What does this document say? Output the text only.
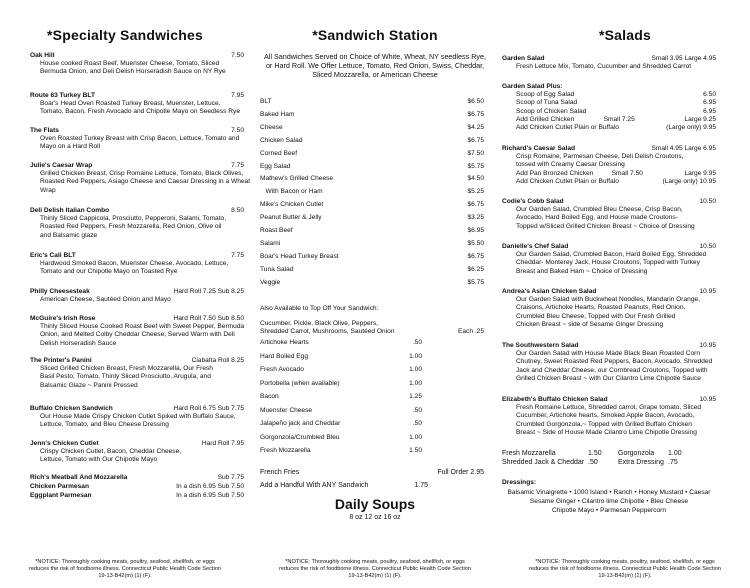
*Specialty Sandwiches
Oak Hill	7.50
House cooked Roast Beef, Muenster Cheese, Tomato, Sliced
Bermuda Onion, and Deli Delish Horseradish Sauce on NY Rye
Route 63 Turkey BLT	7.95
Boar's Head Oven Roasted Turkey Breast, Muenster, Lettuce,
Tomato, Bacon, Fresh Avocado and Chipotle Mayo on Seedless Rye
The Flats	7.50
Oven Roasted Turkey Breast with Crisp Bacon, Lettuce, Tomato and
Mayo on a Hard Roll
Julie's Caesar Wrap	7.75
Grilled Chicken Breast, Crisp Romaine Lettuce, Tomato, Black Olives,
Roasted Red Peppers, Asiago Cheese and Caesar Dressing in a Wheat
Wrap
Deli Delish Italian Combo	8.50
Thinly Sliced Cappicola, Prosciutto, Pepperoni, Salami, Tomato,
Roasted Red Peppers, Fresh Mozzarella, Red Onion, Olive oil
and Balsamic glaze
Eric's Cali BLT	7.75
Hardwood Smoked Bacon, Muenster Cheese, Avocado, Lettuce,
Tomato and our Chipotle Mayo on Toasted Rye
Philly Cheesesteak	Hard Roll 7.25 Sub 8.25
American Cheese, Sautéed Onion and Mayo
McGuire's Irish Rose	Hard Roll 7.50 Sub 8.50
Thinly Sliced House Cooked Roast Beef with Sweet Pepper, Bermuda
Onion, and Melted Colby Cheddar Cheese, Served Warm with Deli
Delish Horseradish Sauce
The Printer's Panini	Ciabatta Roll 8.25
Sliced Grilled Chicken Breast, Fresh Mozzarella, Our Fresh
Basil Pesto, Tomato, Thinly Sliced Prosciutto, Arugula, and
Balsamic Glaze ~ Panini Pressed
Buffalo Chicken Sandwich	Hard Roll 6.75 Sub 7.75
Our House Made Crispy Chicken Cutlet Spiked with Buffalo Sauce,
Lettuce, Tomato, and Bleu Cheese Dressing
Jenn's Chicken Cutlet	Hard Roll 7.95
Crispy Chicken Cutlet, Bacon, Cheddar Cheese,
Lettuce, Tomato with Our Chipotle Mayo
Rich's Meatball And Mozzarella	Sub 7.75
Chicken Parmesan	In a dish 6.95 Sub 7.50
Eggplant Parmesan	In a dish 6.95 Sub 7.50
*NOTICE: Thoroughly cooking meats, poultry, seafood, shellfish, or eggs
reduces the risk of foodborne illness. Connecticut Public Health Code Section
19-13-B42(m) (1) (F).
*Sandwich Station
All Sandwiches Served on Choice of White, Wheat, NY seedless Rye,
or Hard Roll. We Offer Lettuce, Tomato, Red Onion, Swiss, Cheddar,
Sliced Mozzarella, or American Cheese
BLT	$6.50
Baked Ham	$6.75
Cheese	$4.25
Chicken Salad	$6.75
Corned Beef	$7.50
Egg Salad	$5.75
Mathew's Grilled Cheese	$4.50
With Bacon or Ham	$5.25
Mike's Chicken Cutlet	$6.75
Peanut Butter & Jelly	$3.25
Roast Beef	$6.95
Salami	$5.50
Boar's Head Turkey Breast	$6.75
Tuna Salad	$6.25
Veggie	$5.75
Also Available to Top Off Your Sandwich:
Cucumber, Pickle, Black Olive, Peppers,
Shredded Carrot, Mushrooms, Sautéed Onion	Each .25
Artichoke Hearts	.50
Hard Boiled Egg	1.00
Fresh Avocado	1.00
Portobella (when available)	1.00
Bacon	1.25
Muenster Cheese	.50
Jalapeño jack and Cheddar	.50
Gorgonzola/Crumbled Bleu	1.00
Fresh Mozzarella	1.50
French Fries	Full Order 2.95
Add a Handful With ANY Sandwich	1.75
Daily Soups
8 oz 12 oz 16 oz
*NOTICE: Thoroughly cooking meats, poultry, seafood, shellfish, or eggs
reduces the risk of foodborne illness. Connecticut Public Health Code Section
19-13-B42(m) (1) (F).
*Salads
Garden Salad	Small 3.95 Large 4.95
Fresh Lettuce Mix, Tomato, Cucumber and Shredded Carrot
Garden Salad Plus:
Scoop of Egg Salad	6.50
Scoop of Tuna Salad	6.95
Scoop of Chicken Salad	6.95
Add Grilled Chicken                Small 7.25	Large 9.25
Add Chicken Cutlet Plain or Buffalo	(Large only) 9.95
Richard's Caesar Salad	Small 4.95 Large 6.95
Crisp Romaine, Parmesan Cheese, Deli Delish Croutons,
tossed with Creamy Caesar Dressing
Add Pan Bronzed Chicken          Small 7.50	Large 9.95
Add Chicken Cutlet Plain or Buffalo	(Large only) 10.95
Codie's Cobb Salad	10.50
Our Garden Salad, Crumbled Bleu Cheese, Crisp Bacon,
Avocado, Hard Boiled Egg, and House made Croutons-
Topped w/Sliced Grilled Chicken Breast ~ Choice of Dressing
Danielle's Chef Salad	10.50
Our Garden Salad, Crumbled Bacon, Hard Boiled Egg, Shredded
Cheddar- Monterey Jack, House Croutons, Topped with Turkey
Breast and Baked Ham ~ Choice of Dressing
Andrea's Asian Chicken Salad	10.95
Our Garden Salad with Buckwheat Noodles, Mandarin Orange,
Craisons, Artichoke Hearts, Roasted Peanuts, Red Onion,
Crumbled Bleu Cheese, Topped with Our Fresh Grilled
Chicken Breast ~ side of Sesame Ginger Dressing
The Southwestern Salad	10.95
Our Garden Salad with House Made Black Bean Roasted Corn
Chutney, Sweet Roasted Red Peppers, Bacon, Avocado, Shredded
Jack and Cheddar Cheese, our Cornbread Croutons, Topped with
Grilled Chicken Breast ~ with Our Cilantro Lime Chipotle Sauce
Elizabeth's Buffalo Chicken Salad	10.95
Fresh Romaine Lettuce, Shredded carrot, Grape tomato, Sliced
Cucumber, Artichoke hearts, Smoked Apple Bacon, Avocado,
Crumbled Gorgonzola,~ Topped with Grilled Buffalo Chicken
Breast ~ Side of House Made Cilantro Lime Chipotle Dressing
Fresh Mozzarella	1.50 Gorgonzola 1.00
Shredded Jack & Cheddar .50	Extra Dressing .75
Dressings:
Balsamic Vinaigrette • 1000 Island • Ranch • Honey Mustard • Caesar
Sesame Ginger • Cilantro lime Chipotle • Bleu Cheese
Chipotle Mayo • Parmesan Peppercorn
*NOTICE: Thoroughly cooking meats, poultry, seafood, shellfish, or eggs
reduces the risk of foodborne illness. Connecticut Public Health Code Section
19-13-B42(m) (1) (F).
